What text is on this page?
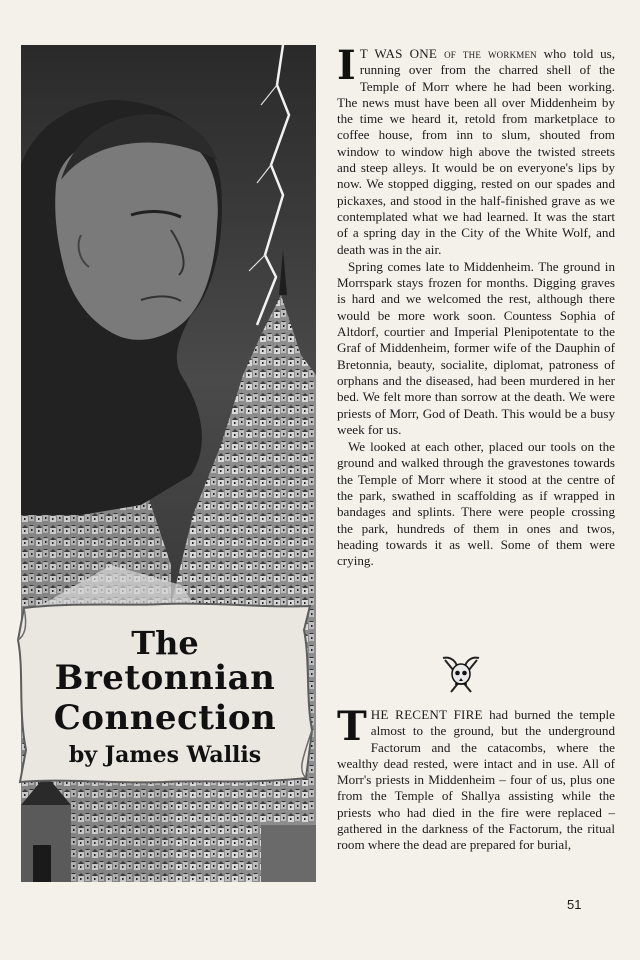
The
Bretonnian
Connection
by James Wallis

I T WAS ONE of the workmen who told us, running over from the charred shell of the Temple of Morr where he had been working. The news must have been all over Middenheim by the time we heard it, retold from marketplace to coffee house, from inn to slum, shouted from window to window high above the twisted streets and steep alleys. It would be on everyone's lips by now. We stopped digging, rested on our spades and pickaxes, and stood in the half-finished grave as we contemplated what we had learned. It was the start of a spring day in the City of the White Wolf, and death was in the air.

Spring comes late to Middenheim. The ground in Morrspark stays frozen for months. Digging graves is hard and we welcomed the rest, although there would be more work soon. Countess Sophia of Altdorf, courtier and Imperial Plenipotentate to the Graf of Middenheim, former wife of the Dauphin of Bretonnia, beauty, socialite, diplomat, patroness of orphans and the diseased, had been murdered in her bed. We felt more than sorrow at the death. We were priests of Morr, God of Death. This would be a busy week for us.

We looked at each other, placed our tools on the ground and walked through the gravestones towards the Temple of Morr where it stood at the centre of the park, swathed in scaffolding as if wrapped in bandages and splints. There were people crossing the park, hundreds of them in ones and twos, heading towards it as well. Some of them were crying.

THE RECENT FIRE had burned the temple almost to the ground, but the underground Factorum and the catacombs, where the wealthy dead rested, were intact and in use. All of Morr's priests in Middenheim – four of us, plus one from the Temple of Shallya assisting while the priests who had died in the fire were replaced – gathered in the darkness of the Factorum, the ritual room where the dead are prepared for burial,

51
